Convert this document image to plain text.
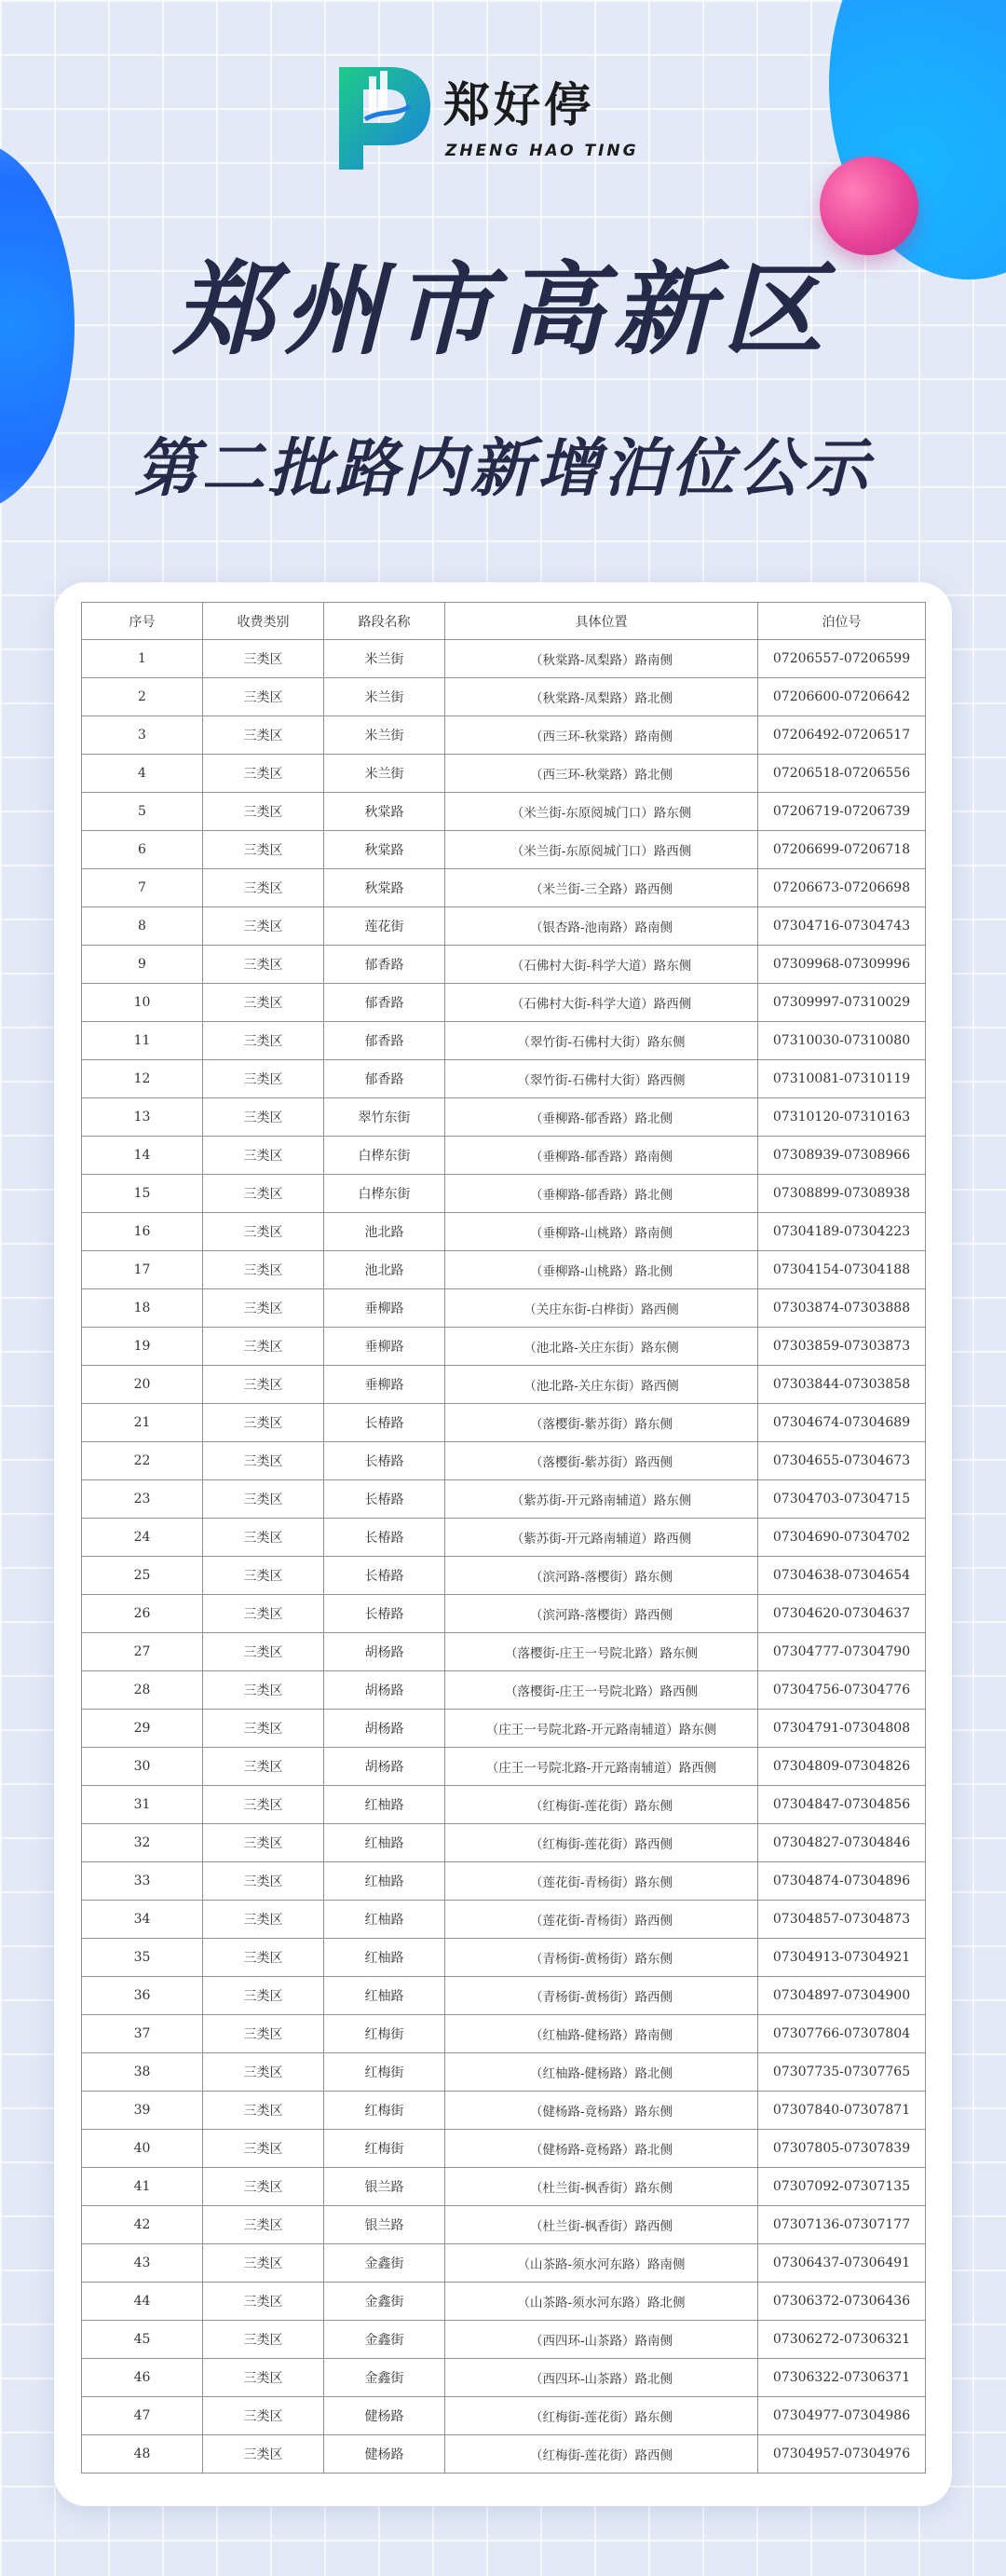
郑好停
ZHENG HAO TING
郑州市高新区
第二批路内新增泊位公示
序号	收费类别	路段名称	具体位置	泊位号
1	三类区	米兰街	（秋棠路-凤梨路）路南侧	07206557-07206599
2	三类区	米兰街	（秋棠路-凤梨路）路北侧	07206600-07206642
3	三类区	米兰街	（西三环-秋棠路）路南侧	07206492-07206517
4	三类区	米兰街	（西三环-秋棠路）路北侧	07206518-07206556
5	三类区	秋棠路	（米兰街-东原阅城门口）路东侧	07206719-07206739
6	三类区	秋棠路	（米兰街-东原阅城门口）路西侧	07206699-07206718
7	三类区	秋棠路	（米兰街-三全路）路西侧	07206673-07206698
8	三类区	莲花街	（银杏路-池南路）路南侧	07304716-07304743
9	三类区	郁香路	（石佛村大街-科学大道）路东侧	07309968-07309996
10	三类区	郁香路	（石佛村大街-科学大道）路西侧	07309997-07310029
11	三类区	郁香路	（翠竹街-石佛村大街）路东侧	07310030-07310080
12	三类区	郁香路	（翠竹街-石佛村大街）路西侧	07310081-07310119
13	三类区	翠竹东街	（垂柳路-郁香路）路北侧	07310120-07310163
14	三类区	白桦东街	（垂柳路-郁香路）路南侧	07308939-07308966
15	三类区	白桦东街	（垂柳路-郁香路）路北侧	07308899-07308938
16	三类区	池北路	（垂柳路-山桃路）路南侧	07304189-07304223
17	三类区	池北路	（垂柳路-山桃路）路北侧	07304154-07304188
18	三类区	垂柳路	（关庄东街-白桦街）路西侧	07303874-07303888
19	三类区	垂柳路	（池北路-关庄东街）路东侧	07303859-07303873
20	三类区	垂柳路	（池北路-关庄东街）路西侧	07303844-07303858
21	三类区	长椿路	（落樱街-紫苏街）路东侧	07304674-07304689
22	三类区	长椿路	（落樱街-紫苏街）路西侧	07304655-07304673
23	三类区	长椿路	（紫苏街-开元路南辅道）路东侧	07304703-07304715
24	三类区	长椿路	（紫苏街-开元路南辅道）路西侧	07304690-07304702
25	三类区	长椿路	（滨河路-落樱街）路东侧	07304638-07304654
26	三类区	长椿路	（滨河路-落樱街）路西侧	07304620-07304637
27	三类区	胡杨路	（落樱街-庄王一号院北路）路东侧	07304777-07304790
28	三类区	胡杨路	（落樱街-庄王一号院北路）路西侧	07304756-07304776
29	三类区	胡杨路	（庄王一号院北路-开元路南辅道）路东侧	07304791-07304808
30	三类区	胡杨路	（庄王一号院北路-开元路南辅道）路西侧	07304809-07304826
31	三类区	红柚路	（红梅街-莲花街）路东侧	07304847-07304856
32	三类区	红柚路	（红梅街-莲花街）路西侧	07304827-07304846
33	三类区	红柚路	（莲花街-青杨街）路东侧	07304874-07304896
34	三类区	红柚路	（莲花街-青杨街）路西侧	07304857-07304873
35	三类区	红柚路	（青杨街-黄杨街）路东侧	07304913-07304921
36	三类区	红柚路	（青杨街-黄杨街）路西侧	07304897-07304900
37	三类区	红梅街	（红柚路-健杨路）路南侧	07307766-07307804
38	三类区	红梅街	（红柚路-健杨路）路北侧	07307735-07307765
39	三类区	红梅街	（健杨路-竟杨路）路东侧	07307840-07307871
40	三类区	红梅街	（健杨路-竟杨路）路北侧	07307805-07307839
41	三类区	银兰路	（杜兰街-枫香街）路东侧	07307092-07307135
42	三类区	银兰路	（杜兰街-枫香街）路西侧	07307136-07307177
43	三类区	金鑫街	（山茶路-须水河东路）路南侧	07306437-07306491
44	三类区	金鑫街	（山茶路-须水河东路）路北侧	07306372-07306436
45	三类区	金鑫街	（西四环-山茶路）路南侧	07306272-07306321
46	三类区	金鑫街	（西四环-山茶路）路北侧	07306322-07306371
47	三类区	健杨路	（红梅街-莲花街）路东侧	07304977-07304986
48	三类区	健杨路	（红梅街-莲花街）路西侧	07304957-07304976
